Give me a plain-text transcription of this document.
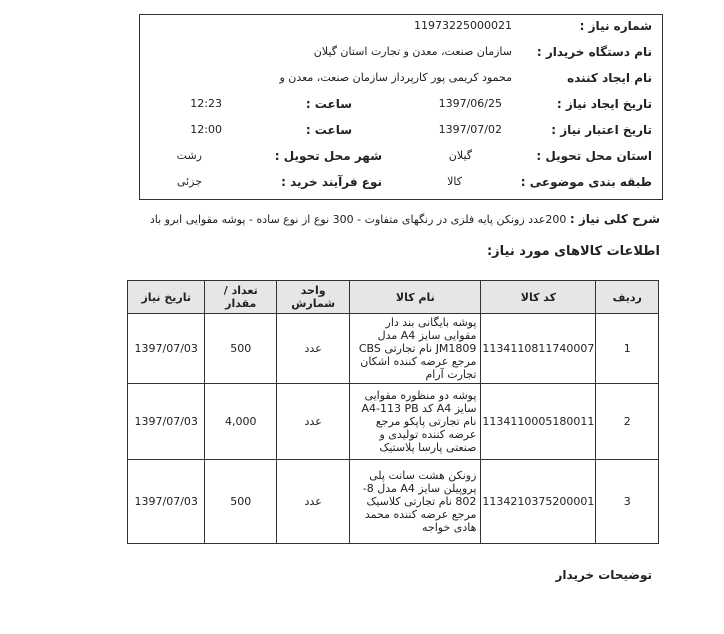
شماره نیاز :
11973225000021
نام دستگاه خریدار :
سازمان صنعت، معدن و تجارت استان گیلان
نام ایجاد کننده
محمود کریمی پور کارپرداز سازمان صنعت، معدن و
تاریخ ایجاد نیاز :
1397/06/25
ساعت :
12:23
تاریخ اعتبار نیاز :
1397/07/02
ساعت :
12:00
استان محل تحویل :
گیلان
شهر محل تحویل :
رشت
طبقه بندی موضوعی :
کالا
نوع فرآیند خرید :
جزئی
شرح کلی نیاز : 200عدد زونکن پایه فلزی در رنگهای متفاوت - 300 نوع از نوع ساده - پوشه مقوایی ابرو باد
اطلاعات کالاهای مورد نیاز:
ردیف	کد کالا	نام کالا	واحد شمارش	تعداد / مقدار	تاریخ نیاز
1	1134110811740007	پوشه بایگانی بند دار مقوایی سایز A4 مدل JM1809 نام تجارتی CBS مرجع عرضه کننده اشکان تجارت آرام	عدد	500	1397/07/03
2	1134110005180011	پوشه دو منظوره مقوایی سایز A4 کد A4-113 PB نام تجارتی پاپکو مرجع عرضه کننده تولیدی و صنعتی پارسا پلاستیک	عدد	4,000	1397/07/03
3	1134210375200001	زونکن هشت سانت پلی پروپیلن سایز A4 مدل 8-802 نام تجارتی کلاسیک مرجع عرضه کننده محمد هادی خواجه	عدد	500	1397/07/03
توضیحات خریدار
